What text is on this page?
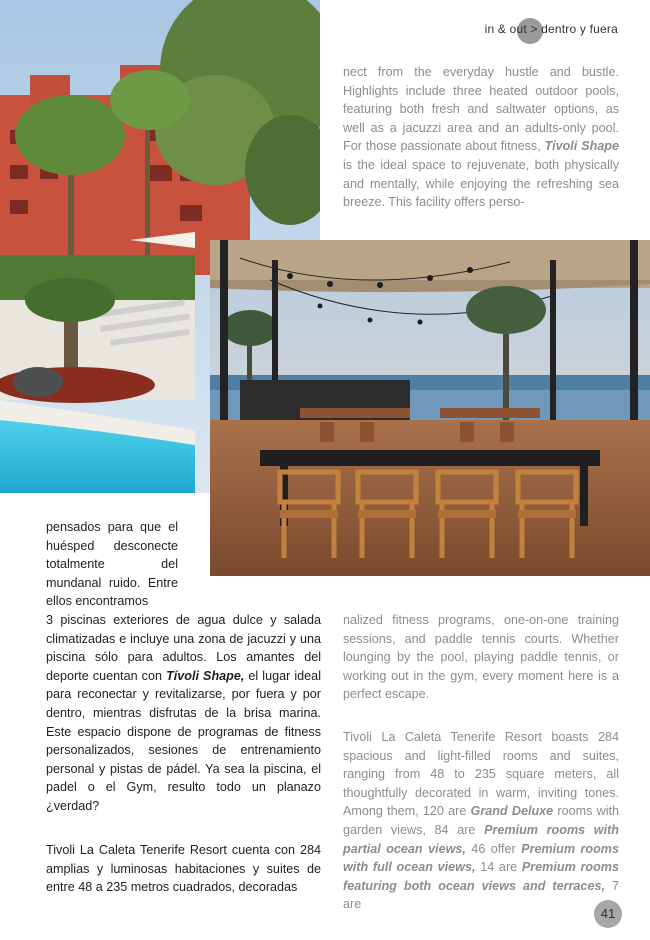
in & out > dentro y fuera
nect from the everyday hustle and bustle. Highlights include three heated outdoor pools, featuring both fresh and saltwater options, as well as a jacuzzi area and an adults-only pool. For those passionate about fitness, Tivoli Shape is the ideal space to rejuvenate, both physically and mentally, while enjoying the refreshing sea breeze. This facility offers perso-
pensados para que el huésped desconecte totalmente del mundanal ruido. Entre ellos encontramos
3 piscinas exteriores de agua dulce y salada climatizadas e incluye una zona de jacuzzi y una piscina sólo para adultos. Los amantes del deporte cuentan con Tívoli Shape, el lugar ideal para reconectar y revitalizarse, por fuera y por dentro, mientras disfrutas de la brisa marina. Este espacio dispone de programas de fitness personalizados, sesiones de entrenamiento personal y pistas de pádel. Ya sea la piscina, el padel o el Gym, resulto todo un planazo ¿verdad?
Tivoli La Caleta Tenerife Resort cuenta con 284 amplias y luminosas habitaciones y suites de entre 48 a 235 metros cuadrados, decoradas
nalized fitness programs, one-on-one training sessions, and paddle tennis courts. Whether lounging by the pool, playing paddle tennis, or working out in the gym, every moment here is a perfect escape.
Tivoli La Caleta Tenerife Resort boasts 284 spacious and light-filled rooms and suites, ranging from 48 to 235 square meters, all thoughtfully decorated in warm, inviting tones. Among them, 120 are Grand Deluxe rooms with garden views, 84 are Premium rooms with partial ocean views, 46 offer Premium rooms with full ocean views, 14 are Premium rooms featuring both ocean views and terraces, 7 are
41
